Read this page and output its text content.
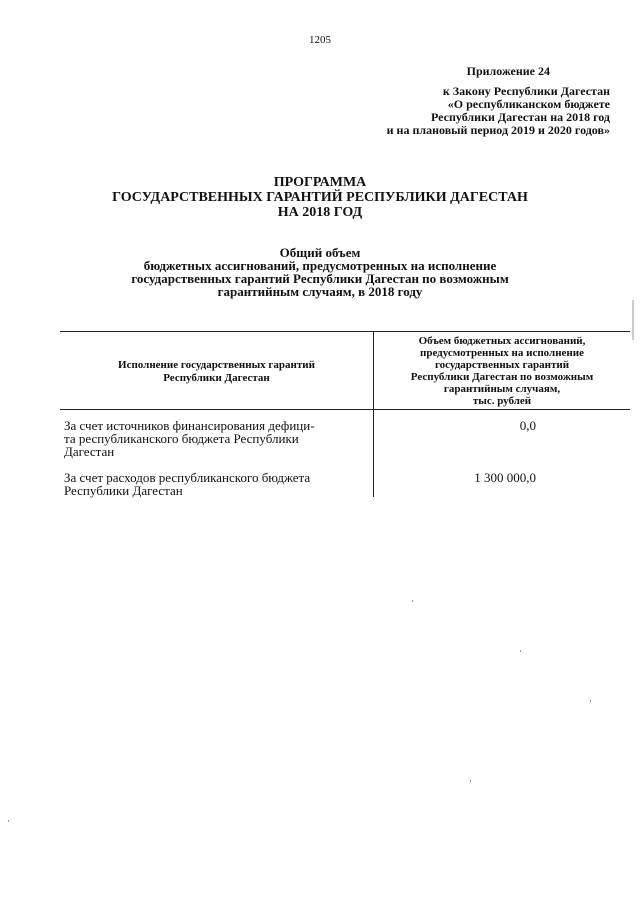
1205
Приложение 24
к Закону Республики Дагестан
«О республиканском бюджете
Республики Дагестан на 2018 год
и на плановый период 2019 и 2020 годов»
ПРОГРАММА
ГОСУДАРСТВЕННЫХ ГАРАНТИЙ РЕСПУБЛИКИ ДАГЕСТАН
НА 2018 ГОД
Общий объем
бюджетных ассигнований, предусмотренных на исполнение
государственных гарантий Республики Дагестан по возможным
гарантийным случаям, в 2018 году
Исполнение государственных гарантий
Республики Дагестан
Объем бюджетных ассигнований,
предусмотренных на исполнение
государственных гарантий
Республики Дагестан по возможным
гарантийным случаям,
тыс. рублей
За счет источников финансирования дефици-
та республиканского бюджета Республики
Дагестан
0,0
За счет расходов республиканского бюджета
Республики Дагестан
1 300 000,0
